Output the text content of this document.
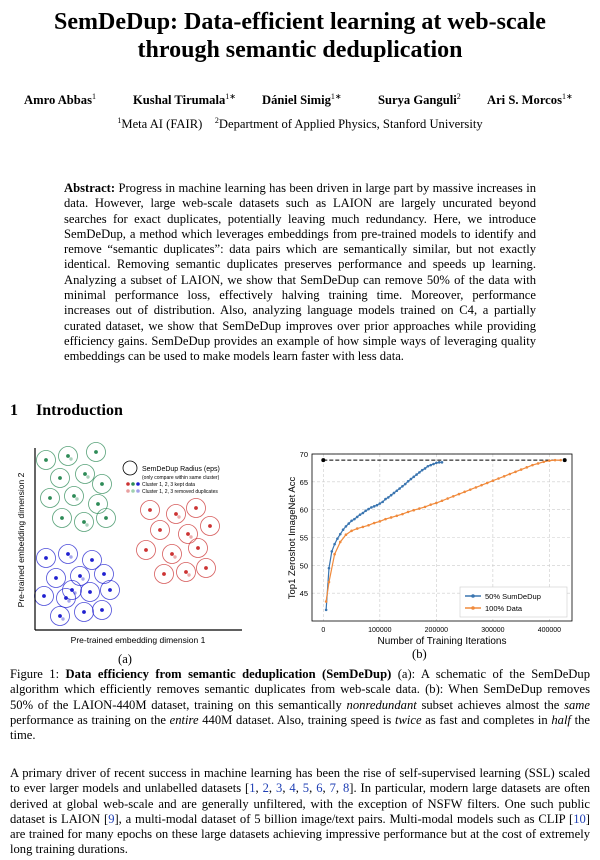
SemDeDup: Data-efficient learning at web-scale
through semantic deduplication
Amro Abbas$^1$	Kushal Tirumala$^{1∗}$ Dániel Simig$^{1∗}$	Surya Ganguli$^2$ Ari S. Morcos$^{1∗}$
$^1$Meta AI (FAIR) $^2$Department of Applied Physics, Stanford University
Abstract: Progress in machine learning has been driven in large part by massive increases in data. However, large web-scale datasets such as LAION are largely uncurated beyond searches for exact duplicates, potentially leaving much redundancy. Here, we introduce SemDeDup, a method which leverages embeddings from pre-trained models to identify and remove “semantic duplicates”: data pairs which are semantically similar, but not exactly identical. Removing semantic duplicates preserves performance and speeds up learning. Analyzing a subset of LAION, we show that SemDeDup can remove 50% of the data with minimal performance loss, effectively halving training time. Moreover, performance increases out of distribution. Also, analyzing language models trained on C4, a partially curated dataset, we show that SemDeDup improves over prior approaches while providing efficiency gains. SemDeDup provides an example of how simple ways of leveraging quality embeddings can be used to make models learn faster with less data.
1 Introduction
SemDeDup Radius (eps)
(only compare within same cluster)
Cluster 1, 2, 3 kept data
Cluster 1, 2, 3 removed duplicates
Pre-trained embedding dimension 1
Pre-trained embedding dimension 2
(a)
45
50
55
60
65
70
0	100000	200000	300000	400000
Number of Training Iterations
Top1 Zeroshot ImageNet Acc	50% SumDeDup
100% Data
(b)
Figure 1: Data efficiency from semantic deduplication (SemDeDup) (a): A schematic of the SemDeDup algorithm which efficiently removes semantic duplicates from web-scale data. (b): When SemDeDup removes 50% of the LAION-440M dataset, training on this semantically nonredundant subset achieves almost the same performance as training on the entire 440M dataset. Also, training speed is twice as fast and completes in half the time.
A primary driver of recent success in machine learning has been the rise of self-supervised learning (SSL) scaled to ever larger models and unlabelled datasets [1, 2, 3, 4, 5, 6, 7, 8]. In particular, modern large datasets are often derived at global web-scale and are generally unfiltered, with the exception of NSFW filters. One such public dataset is LAION [9], a multi-modal dataset of 5 billion image/text pairs. Multi-modal models such as CLIP [10] are trained for many epochs on these large datasets achieving impressive performance but at the cost of extremely long training durations.
